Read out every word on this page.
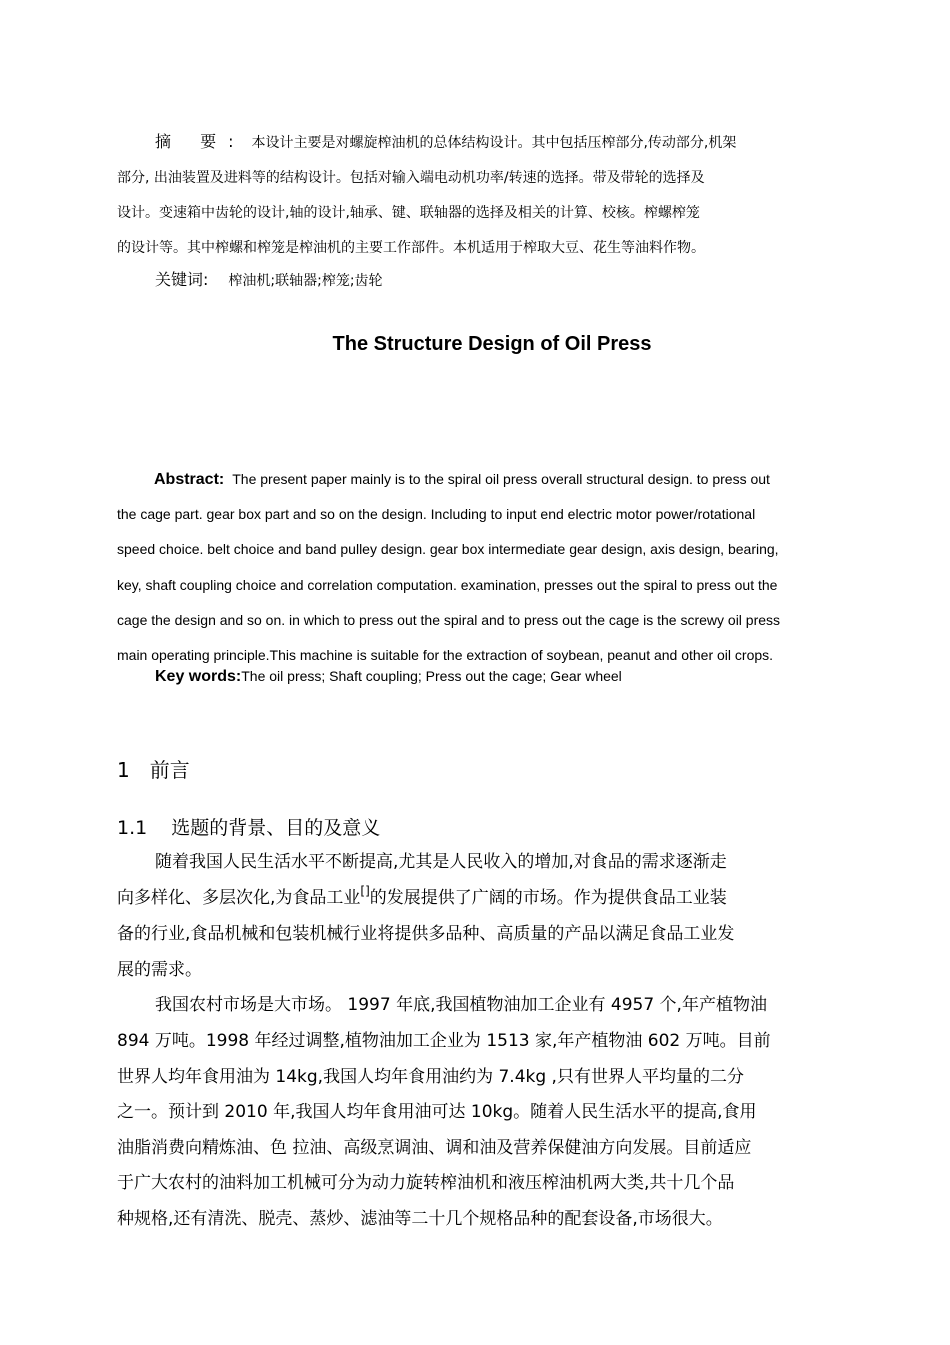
摘 要: 本设计主要是对螺旋榨油机的总体结构设计。其中包括压榨部分,传动部分,机架
部分, 出油装置及进料等的结构设计。包括对输入端电动机功率/转速的选择。带及带轮的选择及
设计。变速箱中齿轮的设计,轴的设计,轴承、键、联轴器的选择及相关的计算、校核。榨螺榨笼
的设计等。其中榨螺和榨笼是榨油机的主要工作部件。本机适用于榨取大豆、花生等油料作物。
关键词: 榨油机;联轴器;榨笼;齿轮
The Structure Design of Oil Press
Abstract: The present paper mainly is to the spiral oil press overall structural design. to press out
the cage part. gear box part and so on the design. Including to input end electric motor power/rotational
speed choice. belt choice and band pulley design. gear box intermediate gear design, axis design, bearing,
key, shaft coupling choice and correlation computation. examination, presses out the spiral to press out the
cage the design and so on. in which to press out the spiral and to press out the cage is the screwy oil press
main operating principle.This machine is suitable for the extraction of soybean, peanut and other oil crops.
Key words:The oil press; Shaft coupling; Press out the cage; Gear wheel
1 前言
1.1 选题的背景、目的及意义
随着我国人民生活水平不断提高,尤其是人民收入的增加,对食品的需求逐渐走
向多样化、多层次化,为食品工业[]的发展提供了广阔的市场。作为提供食品工业装
备的行业,食品机械和包装机械行业将提供多品种、高质量的产品以满足食品工业发
展的需求。
我国农村市场是大市场。 1997 年底,我国植物油加工企业有 4957 个,年产植物油
894 万吨。1998 年经过调整,植物油加工企业为 1513 家,年产植物油 602 万吨。目前
世界人均年食用油为 14kg,我国人均年食用油约为 7.4kg ,只有世界人平均量的二分
之一。预计到 2010 年,我国人均年食用油可达 10kg。随着人民生活水平的提高,食用
油脂消费向精炼油、色 拉油、高级烹调油、调和油及营养保健油方向发展。目前适应
于广大农村的油料加工机械可分为动力旋转榨油机和液压榨油机两大类,共十几个品
种规格,还有清洗、脱壳、蒸炒、滤油等二十几个规格品种的配套设备,市场很大。
